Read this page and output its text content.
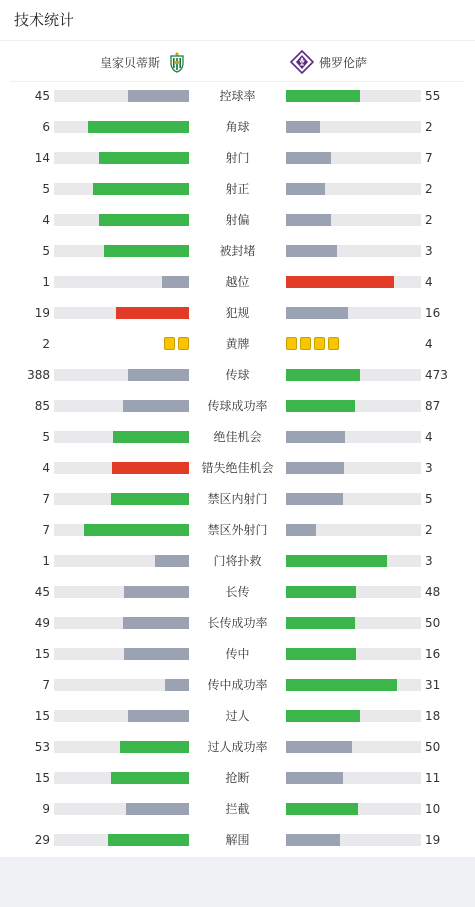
技术统计
皇家贝蒂斯	佛罗伦萨
45	控球率	55
6	角球	2
14	射门	7
5	射正	2
4	射偏	2
5	被封堵	3
1	越位	4
19	犯规	16
2	黄牌	4
388	传球	473
85	传球成功率	87
5	绝佳机会	4
4	错失绝佳机会	3
7	禁区内射门	5
7	禁区外射门	2
1	门将扑救	3
45	长传	48
49	长传成功率	50
15	传中	16
7	传中成功率	31
15	过人	18
53	过人成功率	50
15	抢断	11
9	拦截	10
29	解围	19
